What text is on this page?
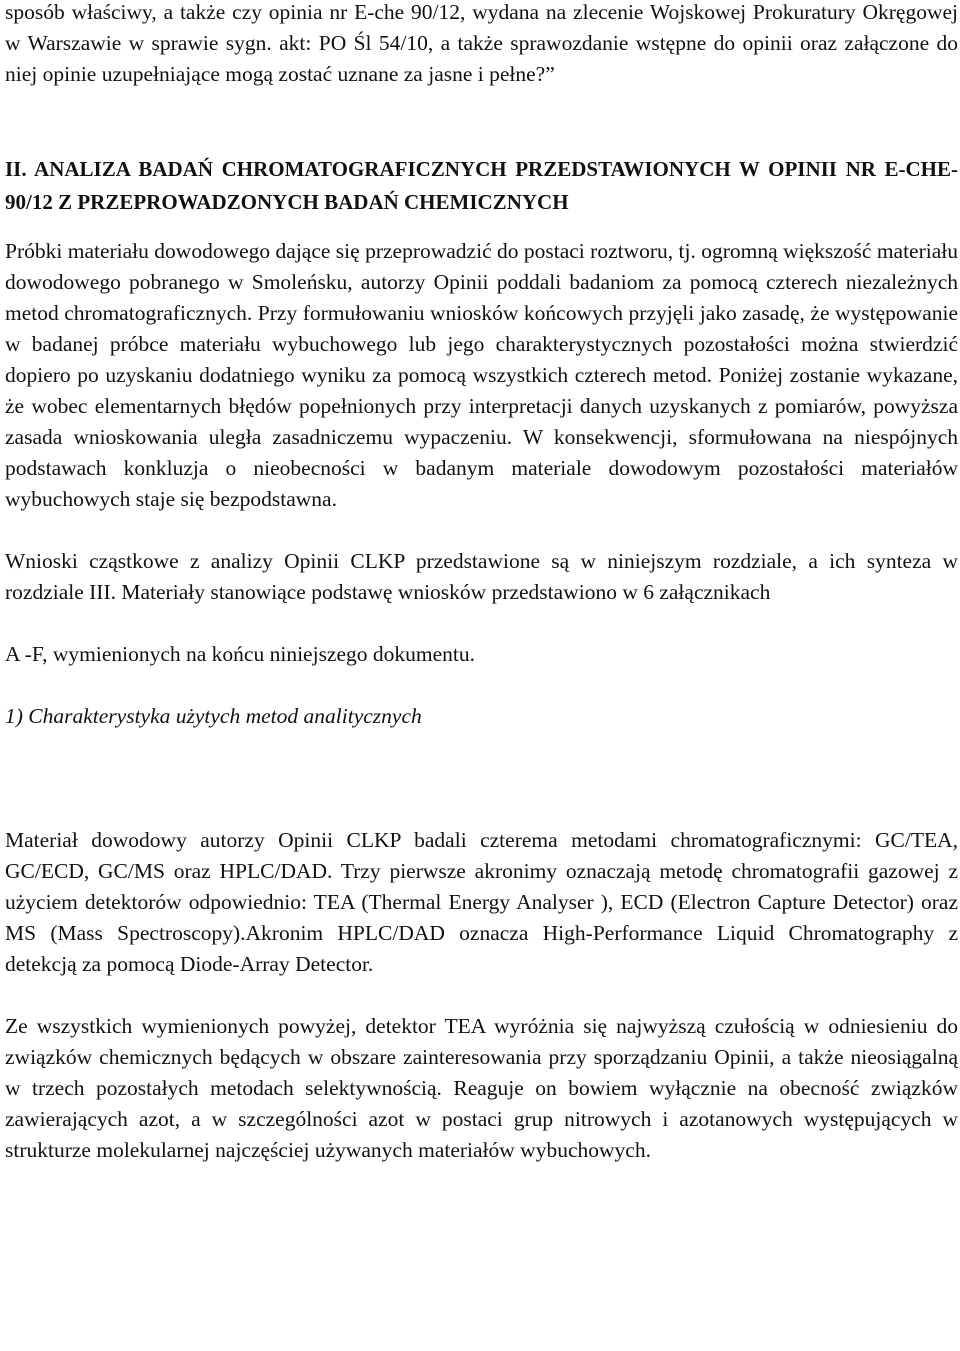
sposób właściwy, a także czy opinia nr E-che 90/12, wydana na zlecenie Wojskowej Prokuratury Okręgowej w Warszawie w sprawie sygn. akt: PO Śl 54/10, a także sprawozdanie wstępne do opinii oraz załączone do niej opinie uzupełniające mogą zostać uznane za jasne i pełne?”

II. ANALIZA BADAŃ CHROMATOGRAFICZNYCH PRZEDSTAWIONYCH W OPINII NR E-CHE-90/12 Z PRZEPROWADZONYCH BADAŃ CHEMICZNYCH

Próbki materiału dowodowego dające się przeprowadzić do postaci roztworu, tj. ogromną większość materiału dowodowego pobranego w Smoleńsku, autorzy Opinii poddali badaniom za pomocą czterech niezależnych metod chromatograficznych. Przy formułowaniu wniosków końcowych przyjęli jako zasadę, że występowanie w badanej próbce materiału wybuchowego lub jego charakterystycznych pozostałości można stwierdzić dopiero po uzyskaniu dodatniego wyniku za pomocą wszystkich czterech metod. Poniżej zostanie wykazane, że wobec elementarnych błędów popełnionych przy interpretacji danych uzyskanych z pomiarów, powyższa zasada wnioskowania uległa zasadniczemu wypaczeniu. W konsekwencji, sformułowana na niespójnych podstawach konkluzja o nieobecności w badanym materiale dowodowym pozostałości materiałów wybuchowych staje się bezpodstawna.

Wnioski cząstkowe z analizy Opinii CLKP przedstawione są w niniejszym rozdziale, a ich synteza w rozdziale III. Materiały stanowiące podstawę wniosków przedstawiono w 6 załącznikach

A -F, wymienionych na końcu niniejszego dokumentu.

1) Charakterystyka użytych metod analitycznych

Materiał dowodowy autorzy Opinii CLKP badali czterema metodami chromatograficznymi: GC/TEA, GC/ECD, GC/MS oraz HPLC/DAD. Trzy pierwsze akronimy oznaczają metodę chromatografii gazowej z użyciem detektorów odpowiednio: TEA (Thermal Energy Analyser ), ECD (Electron Capture Detector) oraz MS (Mass Spectroscopy).Akronim HPLC/DAD oznacza High-Performance Liquid Chromatography z detekcją za pomocą Diode-Array Detector.

Ze wszystkich wymienionych powyżej, detektor TEA wyróżnia się najwyższą czułością w odniesieniu do związków chemicznych będących w obszare zainteresowania przy sporządzaniu Opinii, a także nieosiągalną w trzech pozostałych metodach selektywnością. Reaguje on bowiem wyłącznie na obecność związków zawierających azot, a w szczególności azot w postaci grup nitrowych i azotanowych występujących w strukturze molekularnej najczęściej używanych materiałów wybuchowych.
